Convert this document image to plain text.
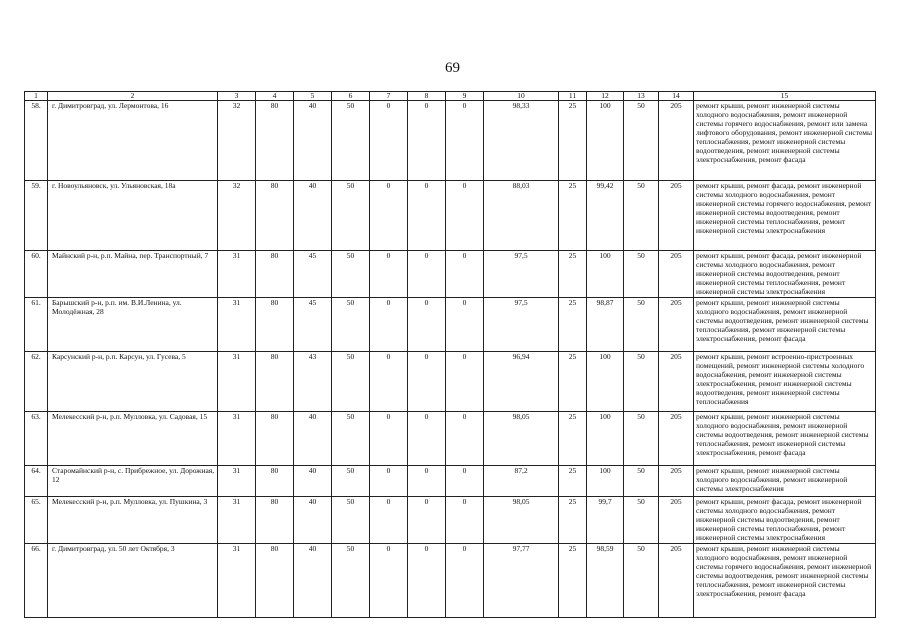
69
1	2	3	4	5	6	7	8	9	10	11	12	13	14	15
58.	г. Димитровград, ул. Лермонтова, 16	32	80	40	50	0	0	0	98,33	25	100	50	205	ремонт крыши, ремонт инженерной системы холодного водоснабжения, ремонт инженерной системы горячего водоснабжения, ремонт или замена лифтового оборудования, ремонт инженерной системы теплоснабжения, ремонт инженерной системы водоотведения, ремонт инженерной системы электроснабжения, ремонт фасада
59.	г. Новоульяновск, ул. Ульяновская, 18а	32	80	40	50	0	0	0	88,03	25	99,42	50	205	ремонт крыши, ремонт фасада, ремонт инженерной системы холодного водоснабжения, ремонт инженерной системы горячего водоснабжения, ремонт инженерной системы водоотведения, ремонт инженерной системы теплоснабжения, ремонт инженерной системы электроснабжения
60.	Майнский р-н, р.п. Майна, пер. Транспортный, 7	31	80	45	50	0	0	0	97,5	25	100	50	205	ремонт крыши, ремонт фасада, ремонт инженерной системы холодного водоснабжения, ремонт инженерной системы водоотведения, ремонт инженерной системы теплоснабжения, ремонт инженерной системы электроснабжения
61.	Барышский р-н, р.п. им. В.И.Ленина, ул. Молодёжная, 28	31	80	45	50	0	0	0	97,5	25	98,87	50	205	ремонт крыши, ремонт инженерной системы холодного водоснабжения, ремонт инженерной системы водоотведения, ремонт инженерной системы теплоснабжения, ремонт инженерной системы электроснабжения, ремонт фасада
62.	Карсунский р-н, р.п. Карсун, ул. Гусева, 5	31	80	43	50	0	0	0	96,94	25	100	50	205	ремонт крыши, ремонт встроенно-пристроенных помещений, ремонт инженерной системы холодного водоснабжения, ремонт инженерной системы электроснабжения, ремонт инженерной системы водоотведения, ремонт инженерной системы теплоснабжения
63.	Мелекесский р-н, р.п. Мулловка, ул. Садовая, 15	31	80	40	50	0	0	0	98,05	25	100	50	205	ремонт крыши, ремонт инженерной системы холодного водоснабжения, ремонт инженерной системы водоотведения, ремонт инженерной системы теплоснабжения, ремонт инженерной системы электроснабжения, ремонт фасада
64.	Старомайнский р-н, с. Прибрежное, ул. Дорожная, 12	31	80	40	50	0	0	0	87,2	25	100	50	205	ремонт крыши, ремонт инженерной системы холодного водоснабжения, ремонт инженерной системы электроснабжения
65.	Мелекесский р-н, р.п. Мулловка, ул. Пушкина, 3	31	80	40	50	0	0	0	98,05	25	99,7	50	205	ремонт крыши, ремонт фасада, ремонт инженерной системы холодного водоснабжения, ремонт инженерной системы водоотведения, ремонт инженерной системы теплоснабжения, ремонт инженерной системы электроснабжения
66.	г. Димитровград, ул. 50 лет Октября, 3	31	80	40	50	0	0	0	97,77	25	98,59	50	205	ремонт крыши, ремонт инженерной системы холодного водоснабжения, ремонт инженерной системы горячего водоснабжения, ремонт инженерной системы водоотведения, ремонт инженерной системы теплоснабжения, ремонт инженерной системы электроснабжения, ремонт фасада
